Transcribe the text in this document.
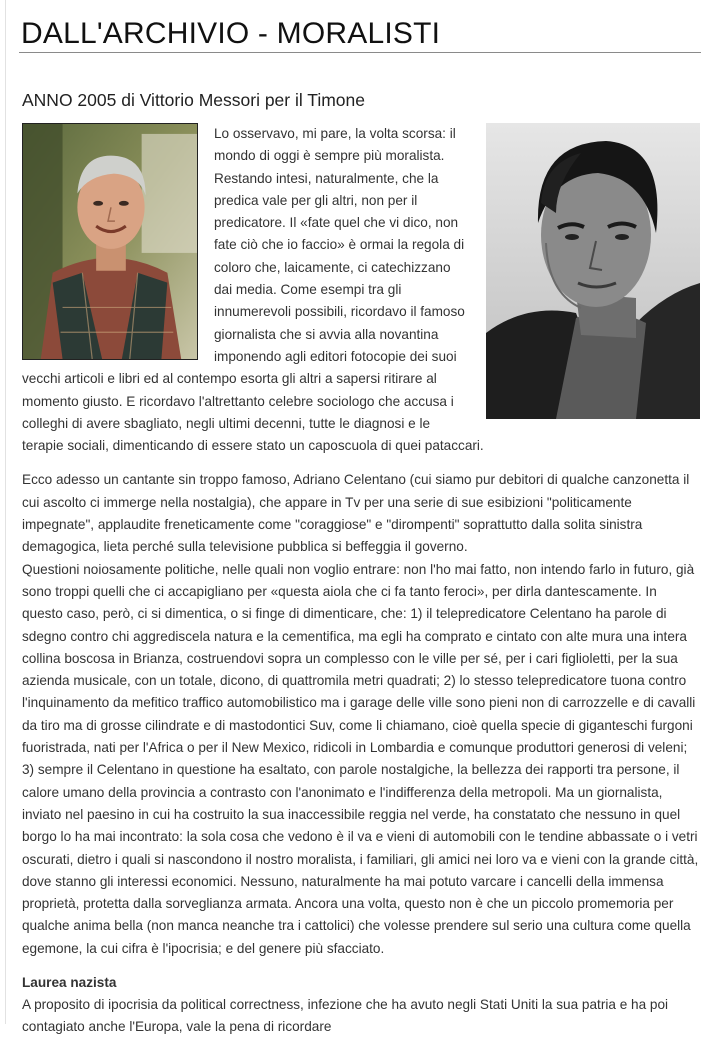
DALL'ARCHIVIO - MORALISTI
ANNO 2005 di Vittorio Messori per il Timone

Lo osservavo, mi pare, la volta scorsa: il mondo di oggi è sempre più moralista. Restando intesi, naturalmente, che la predica vale per gli altri, non per il predicatore. Il «fate quel che vi dico, non fate ciò che io faccio» è ormai la regola di coloro che, laicamente, ci catechizzano dai media. Come esempi tra gli innumerevoli possibili, ricordavo il famoso giornalista che si avvia alla novantina imponendo agli editori fotocopie dei suoi vecchi articoli e libri ed al contempo esorta gli altri a sapersi ritirare al momento giusto. E ricordavo l'altrettanto celebre sociologo che accusa i colleghi di avere sbagliato, negli ultimi decenni, tutte le diagnosi e le terapie sociali, dimenticando di essere stato un caposcuola di quei pataccari.

Ecco adesso un cantante sin troppo famoso, Adriano Celentano (cui siamo pur debitori di qualche canzonetta il cui ascolto ci immerge nella nostalgia), che appare in Tv per una serie di sue esibizioni "politicamente impegnate", applaudite freneticamente come "coraggiose" e "dirompenti" soprattutto dalla solita sinistra demagogica, lieta perché sulla televisione pubblica si beffeggia il governo.

Questioni noiosamente politiche, nelle quali non voglio entrare: non l'ho mai fatto, non intendo farlo in futuro, già sono troppi quelli che ci accapigliano per «questa aiola che ci fa tanto feroci», per dirla dantescamente. In questo caso, però, ci si dimentica, o si finge di dimenticare, che: 1) il telepredicatore Celentano ha parole di sdegno contro chi aggrediscela natura e la cementifica, ma egli ha comprato e cintato con alte mura una intera collina boscosa in Brianza, costruendovi sopra un complesso con le ville per sé, per i cari figlioletti, per la sua azienda musicale, con un totale, dicono, di quattromila metri quadrati; 2) lo stesso telepredicatore tuona contro l'inquinamento da mefitico traffico automobilistico ma i garage delle ville sono pieni non di carrozzelle e di cavalli da tiro ma di grosse cilindrate e di mastodontici Suv, come li chiamano, cioè quella specie di giganteschi furgoni fuoristrada, nati per l'Africa o per il New Mexico, ridicoli in Lombardia e comunque produttori generosi di veleni; 3) sempre il Celentano in questione ha esaltato, con parole nostalgiche, la bellezza dei rapporti tra persone, il calore umano della provincia a contrasto con l'anonimato e l'indifferenza della metropoli. Ma un giornalista, inviato nel paesino in cui ha costruito la sua inaccessibile reggia nel verde, ha constatato che nessuno in quel borgo lo ha mai incontrato: la sola cosa che vedono è il va e vieni di automobili con le tendine abbassate o i vetri oscurati, dietro i quali si nascondono il nostro moralista, i familiari, gli amici nei loro va e vieni con la grande città, dove stanno gli interessi economici. Nessuno, naturalmente ha mai potuto varcare i cancelli della immensa proprietà, protetta dalla sorveglianza armata. Ancora una volta, questo non è che un piccolo promemoria per qualche anima bella (non manca neanche tra i cattolici) che volesse prendere sul serio una cultura come quella egemone, la cui cifra è l'ipocrisia; e del genere più sfacciato.

Laurea nazista

A proposito di ipocrisia da political correctness, infezione che ha avuto negli Stati Uniti la sua patria e ha poi contagiato anche l'Europa, vale la pena di ricordare
